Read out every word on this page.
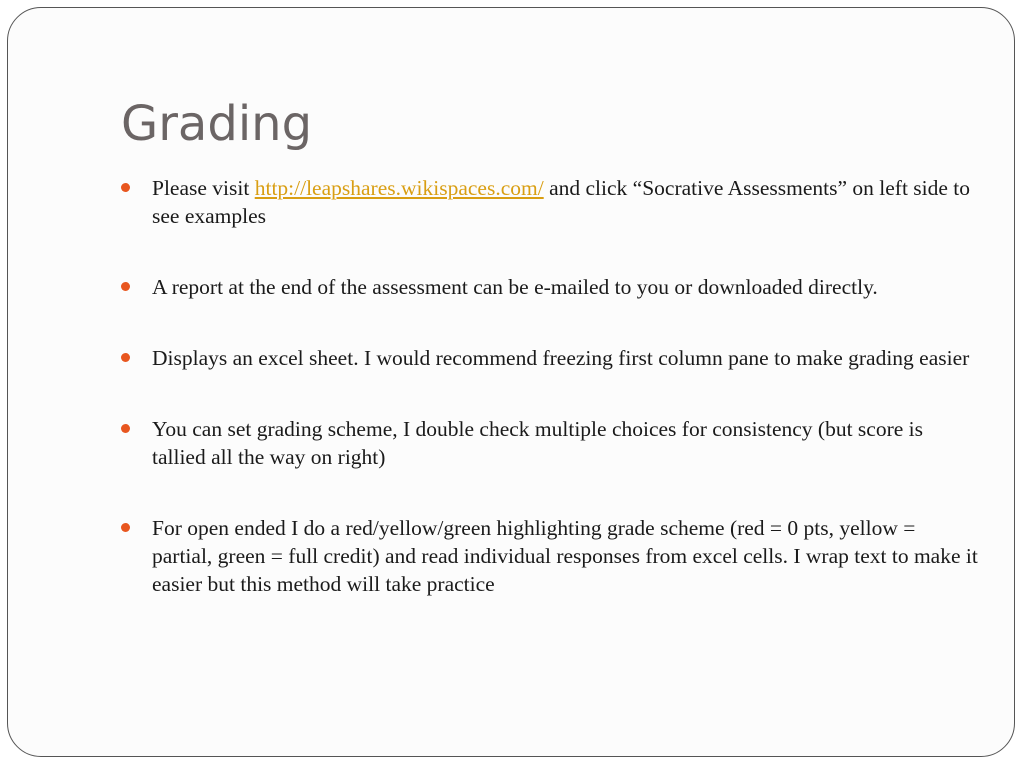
Grading
Please visit http://leapshares.wikispaces.com/ and click “Socrative Assessments” on left side to see examples
A report at the end of the assessment can be e-mailed to you or downloaded directly.
Displays an excel sheet. I would recommend freezing first column pane to make grading easier
You can set grading scheme, I double check multiple choices for consistency (but score is tallied all the way on right)
For open ended I do a red/yellow/green highlighting grade scheme (red = 0 pts, yellow = partial, green = full credit) and read individual responses from excel cells. I wrap text to make it easier but this method will take practice
